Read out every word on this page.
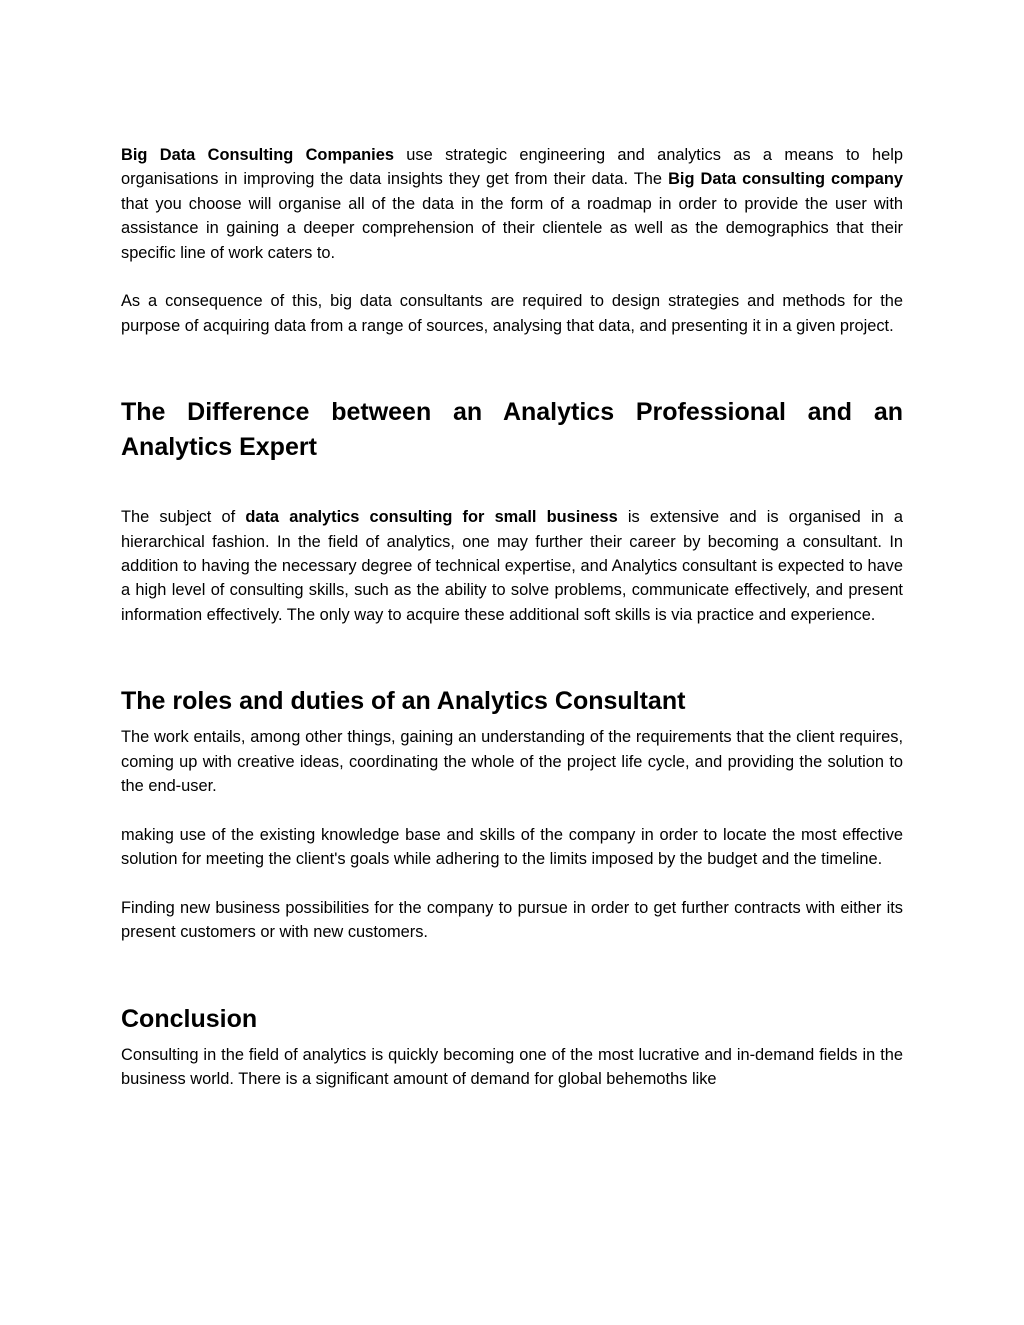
Big Data Consulting Companies use strategic engineering and analytics as a means to help organisations in improving the data insights they get from their data. The Big Data consulting company that you choose will organise all of the data in the form of a roadmap in order to provide the user with assistance in gaining a deeper comprehension of their clientele as well as the demographics that their specific line of work caters to.

As a consequence of this, big data consultants are required to design strategies and methods for the purpose of acquiring data from a range of sources, analysing that data, and presenting it in a given project.

The Difference between an Analytics Professional and an Analytics Expert

The subject of data analytics consulting for small business is extensive and is organised in a hierarchical fashion. In the field of analytics, one may further their career by becoming a consultant. In addition to having the necessary degree of technical expertise, and Analytics consultant is expected to have a high level of consulting skills, such as the ability to solve problems, communicate effectively, and present information effectively. The only way to acquire these additional soft skills is via practice and experience.

The roles and duties of an Analytics Consultant

The work entails, among other things, gaining an understanding of the requirements that the client requires, coming up with creative ideas, coordinating the whole of the project life cycle, and providing the solution to the end-user.

making use of the existing knowledge base and skills of the company in order to locate the most effective solution for meeting the client's goals while adhering to the limits imposed by the budget and the timeline.

Finding new business possibilities for the company to pursue in order to get further contracts with either its present customers or with new customers.

Conclusion

Consulting in the field of analytics is quickly becoming one of the most lucrative and in-demand fields in the business world. There is a significant amount of demand for global behemoths like
